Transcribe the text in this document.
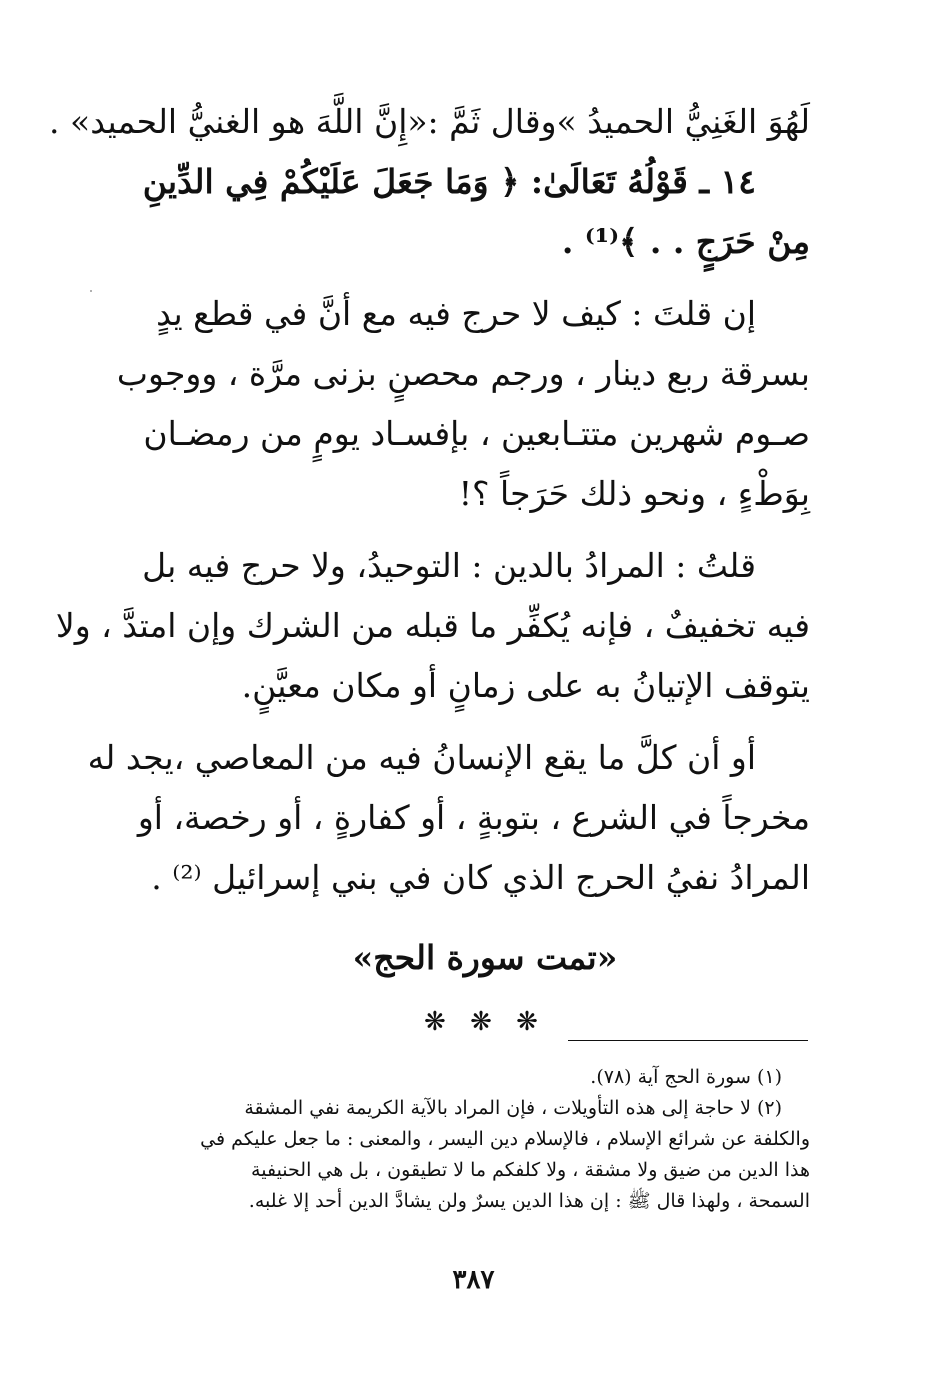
لَهُوَ الغَنِيُّ الحميدُ »وقال ثَمَّ :«إِنَّ اللَّهَ هو الغنيُّ الحميد» .
١٤ ـ قَوْلُهُ تَعَالَىٰ: ﴿ وَمَا جَعَلَ عَلَيْكُمْ فِي الدِّينِ
مِنْ حَرَجٍ . . ﴾⁽¹⁾ .
إن قلتَ : كيف لا حرج فيه مع أنَّ في قطع يدٍ
بسرقة ربع دينار ، ورجم محصنٍ بزنى مرَّة ، ووجوب
صـوم شهرين متتـابعين ، بإفسـاد يومٍ من رمضـان
بِوَطْءٍ ، ونحو ذلك حَرَجاً ؟!
قلتُ : المرادُ بالدين : التوحيدُ، ولا حرج فيه بل
فيه تخفيفٌ ، فإنه يُكفِّر ما قبله من الشرك وإن امتدَّ ، ولا
يتوقف الإتيانُ به على زمانٍ أو مكان معيَّنٍ.
أو أن كلَّ ما يقع الإنسانُ فيه من المعاصي ،يجد له
مخرجاً في الشرع ، بتوبةٍ ، أو كفارةٍ ، أو رخصة، أو
المرادُ نفيُ الحرج الذي كان في بني إسرائيل ⁽²⁾ .
«تمت سورة الحج»
❋ ❋ ❋
(١) سورة الحج آية (٧٨).
(٢) لا حاجة إلى هذه التأويلات ، فإن المراد بالآية الكريمة نفي المشقة
والكلفة عن شرائع الإسلام ، فالإسلام دين اليسر ، والمعنى : ما جعل عليكم في
هذا الدين من ضيق ولا مشقة ، ولا كلفكم ما لا تطيقون ، بل هي الحنيفية
السمحة ، ولهذا قال ﷺ : إن هذا الدين يسرٌ ولن يشادَّ الدين أحد إلا غلبه.
٣٨٧
